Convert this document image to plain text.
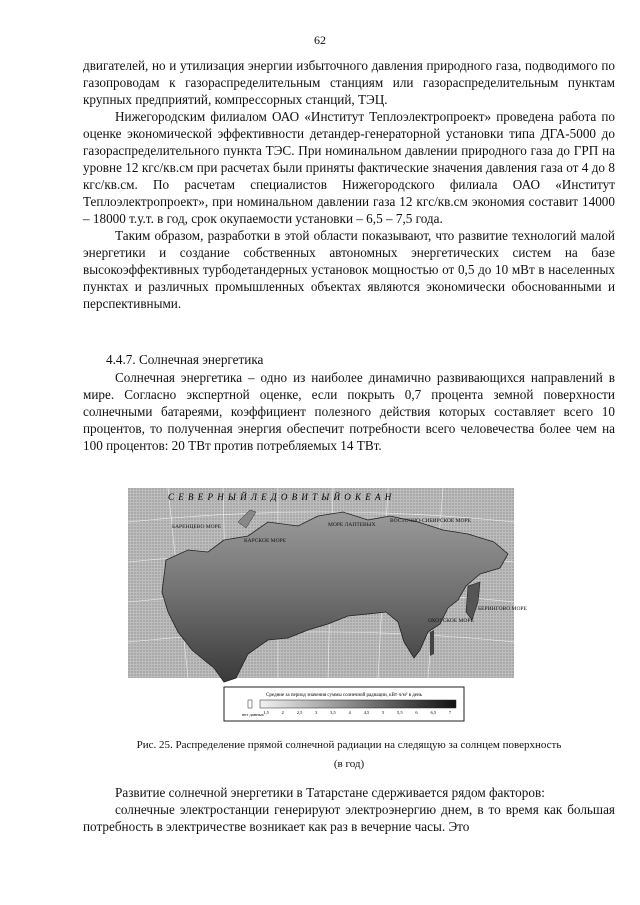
62

двигателей, но и утилизация энергии избыточного давления природного газа, подводимого по газопроводам к газораспределительным станциям или газораспределительным пунктам крупных предприятий, компрессорных станций, ТЭЦ.

Нижегородским филиалом ОАО «Институт Теплоэлектропроект» проведена работа по оценке экономической эффективности детандер-генераторной установки типа ДГА-5000 до газораспределительного пункта ТЭС. При номинальном давлении природного газа до ГРП на уровне 12 кгс/кв.см при расчетах были приняты фактические значения давления газа от 4 до 8 кгс/кв.см. По расчетам специалистов Нижегородского филиала ОАО «Институт Теплоэлектропроект», при номинальном давлении газа 12 кгс/кв.см экономия составит 14000 – 18000 т.у.т. в год, срок окупаемости установки – 6,5 – 7,5 года.

Таким образом, разработки в этой области показывают, что развитие технологий малой энергетики и создание собственных автономных энергетических систем на базе высокоэффективных турбодетандерных установок мощностью от 0,5 до 10 мВт в населенных пунктах и различных промышленных объектах являются экономически обоснованными и перспективными.

4.4.7. Солнечная энергетика

Солнечная энергетика – одно из наиболее динамично развивающихся направлений в мире. Согласно экспертной оценке, если покрыть 0,7 процента земной поверхности солнечными батареями, коэффициент полезного действия которых составляет всего 10 процентов, то полученная энергия обеспечит потребности всего человечества более чем на 100 процентов: 20 ТВт против потребляемых 14 ТВт.

С Е В Е Р Н Ы Й Л Е Д О В И Т Ы Й О К Е А Н
БАРЕНЦЕВО МОРЕ
КАРСКОЕ МОРЕ
МОРЕ ЛАПТЕВЫХ
ВОСТОЧНО-СИБИРСКОЕ МОРЕ
БЕРИНГОВО МОРЕ
ОХОТСКОЕ МОРЕ
Средние за период значения суммы солнечной радиации, кВт·ч/м² в день
нет данных 1,5	2	2,5	3	3,5	4	4,5	5	5,5	6	6,5	7
Рис. 25. Распределение прямой солнечной радиации на следящую за солнцем поверхность
(в год)

Развитие солнечной энергетики в Татарстане сдерживается рядом факторов:

солнечные электростанции генерируют электроэнергию днем, в то время как большая потребность в электричестве возникает как раз в вечерние часы. Это
